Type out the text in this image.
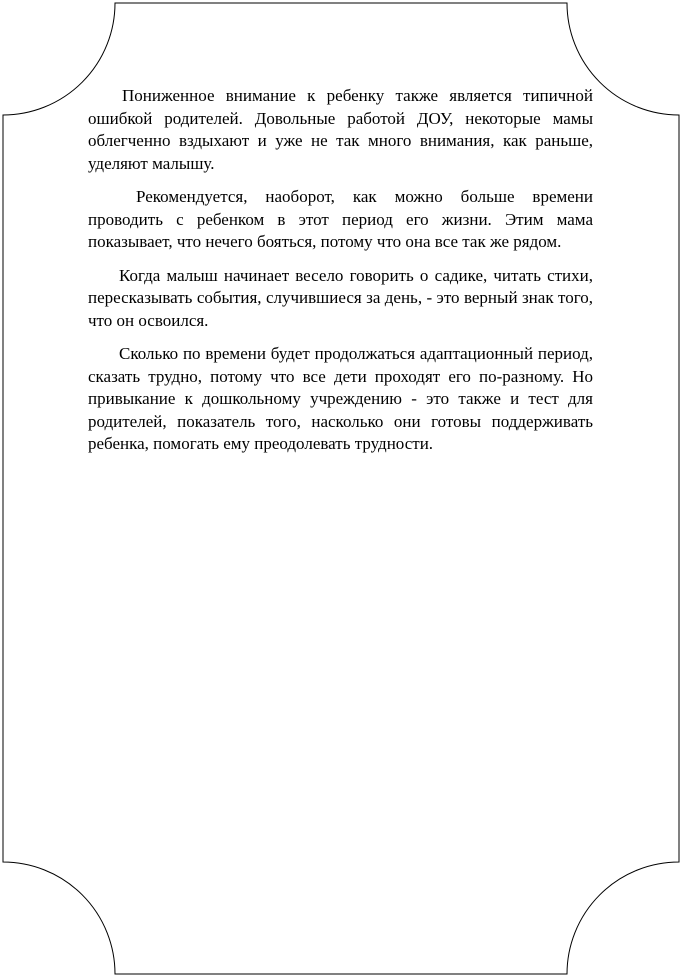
Пониженное внимание к ребенку также является типичной ошибкой родителей. Довольные работой ДОУ, некоторые мамы облегченно вздыхают и уже не так много внимания, как раньше, уделяют малышу.

Рекомендуется, наоборот, как можно больше времени проводить с ребенком в этот период его жизни. Этим мама показывает, что нечего бояться, потому что она все так же рядом.

Когда малыш начинает весело говорить о садике, читать стихи, пересказывать события, случившиеся за день, - это верный знак того, что он освоился.

Сколько по времени будет продолжаться адаптационный период, сказать трудно, потому что все дети проходят его по-разному. Но привыкание к дошкольному учреждению - это также и тест для родителей, показатель того, насколько они готовы поддерживать ребенка, помогать ему преодолевать трудности.
